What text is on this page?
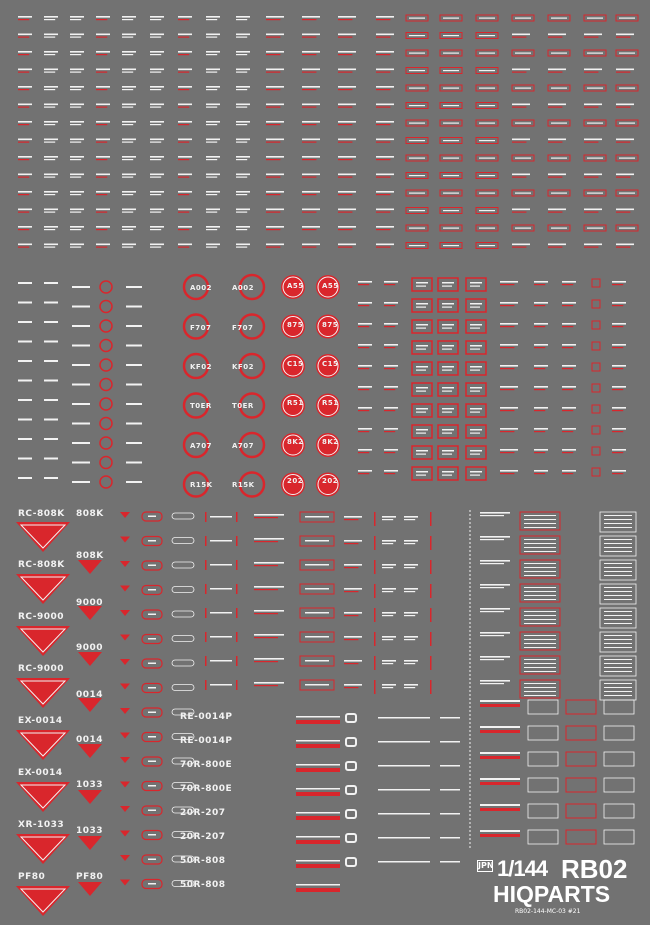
A002	A002
F707	F707
KF02	KF02
T0ER	T0ER
A707	A707
R15K	R15K
A55	A55
875	875
C15	C15
R51	R51
8K2	8K2
202	202
RC-808K
RC-808K
RC-9000
RC-9000
EX-0014
EX-0014
XR-1033
PF80
808K
808K
9000
9000
0014
0014
1033
1033
PF80
RE-0014P
RE-0014P
70R-800E
70R-800E
20R-207
20R-207
50R-808
50R-808
JPN 1/144 RB02
HIQPARTS
RB02-144-MC-03 #21
